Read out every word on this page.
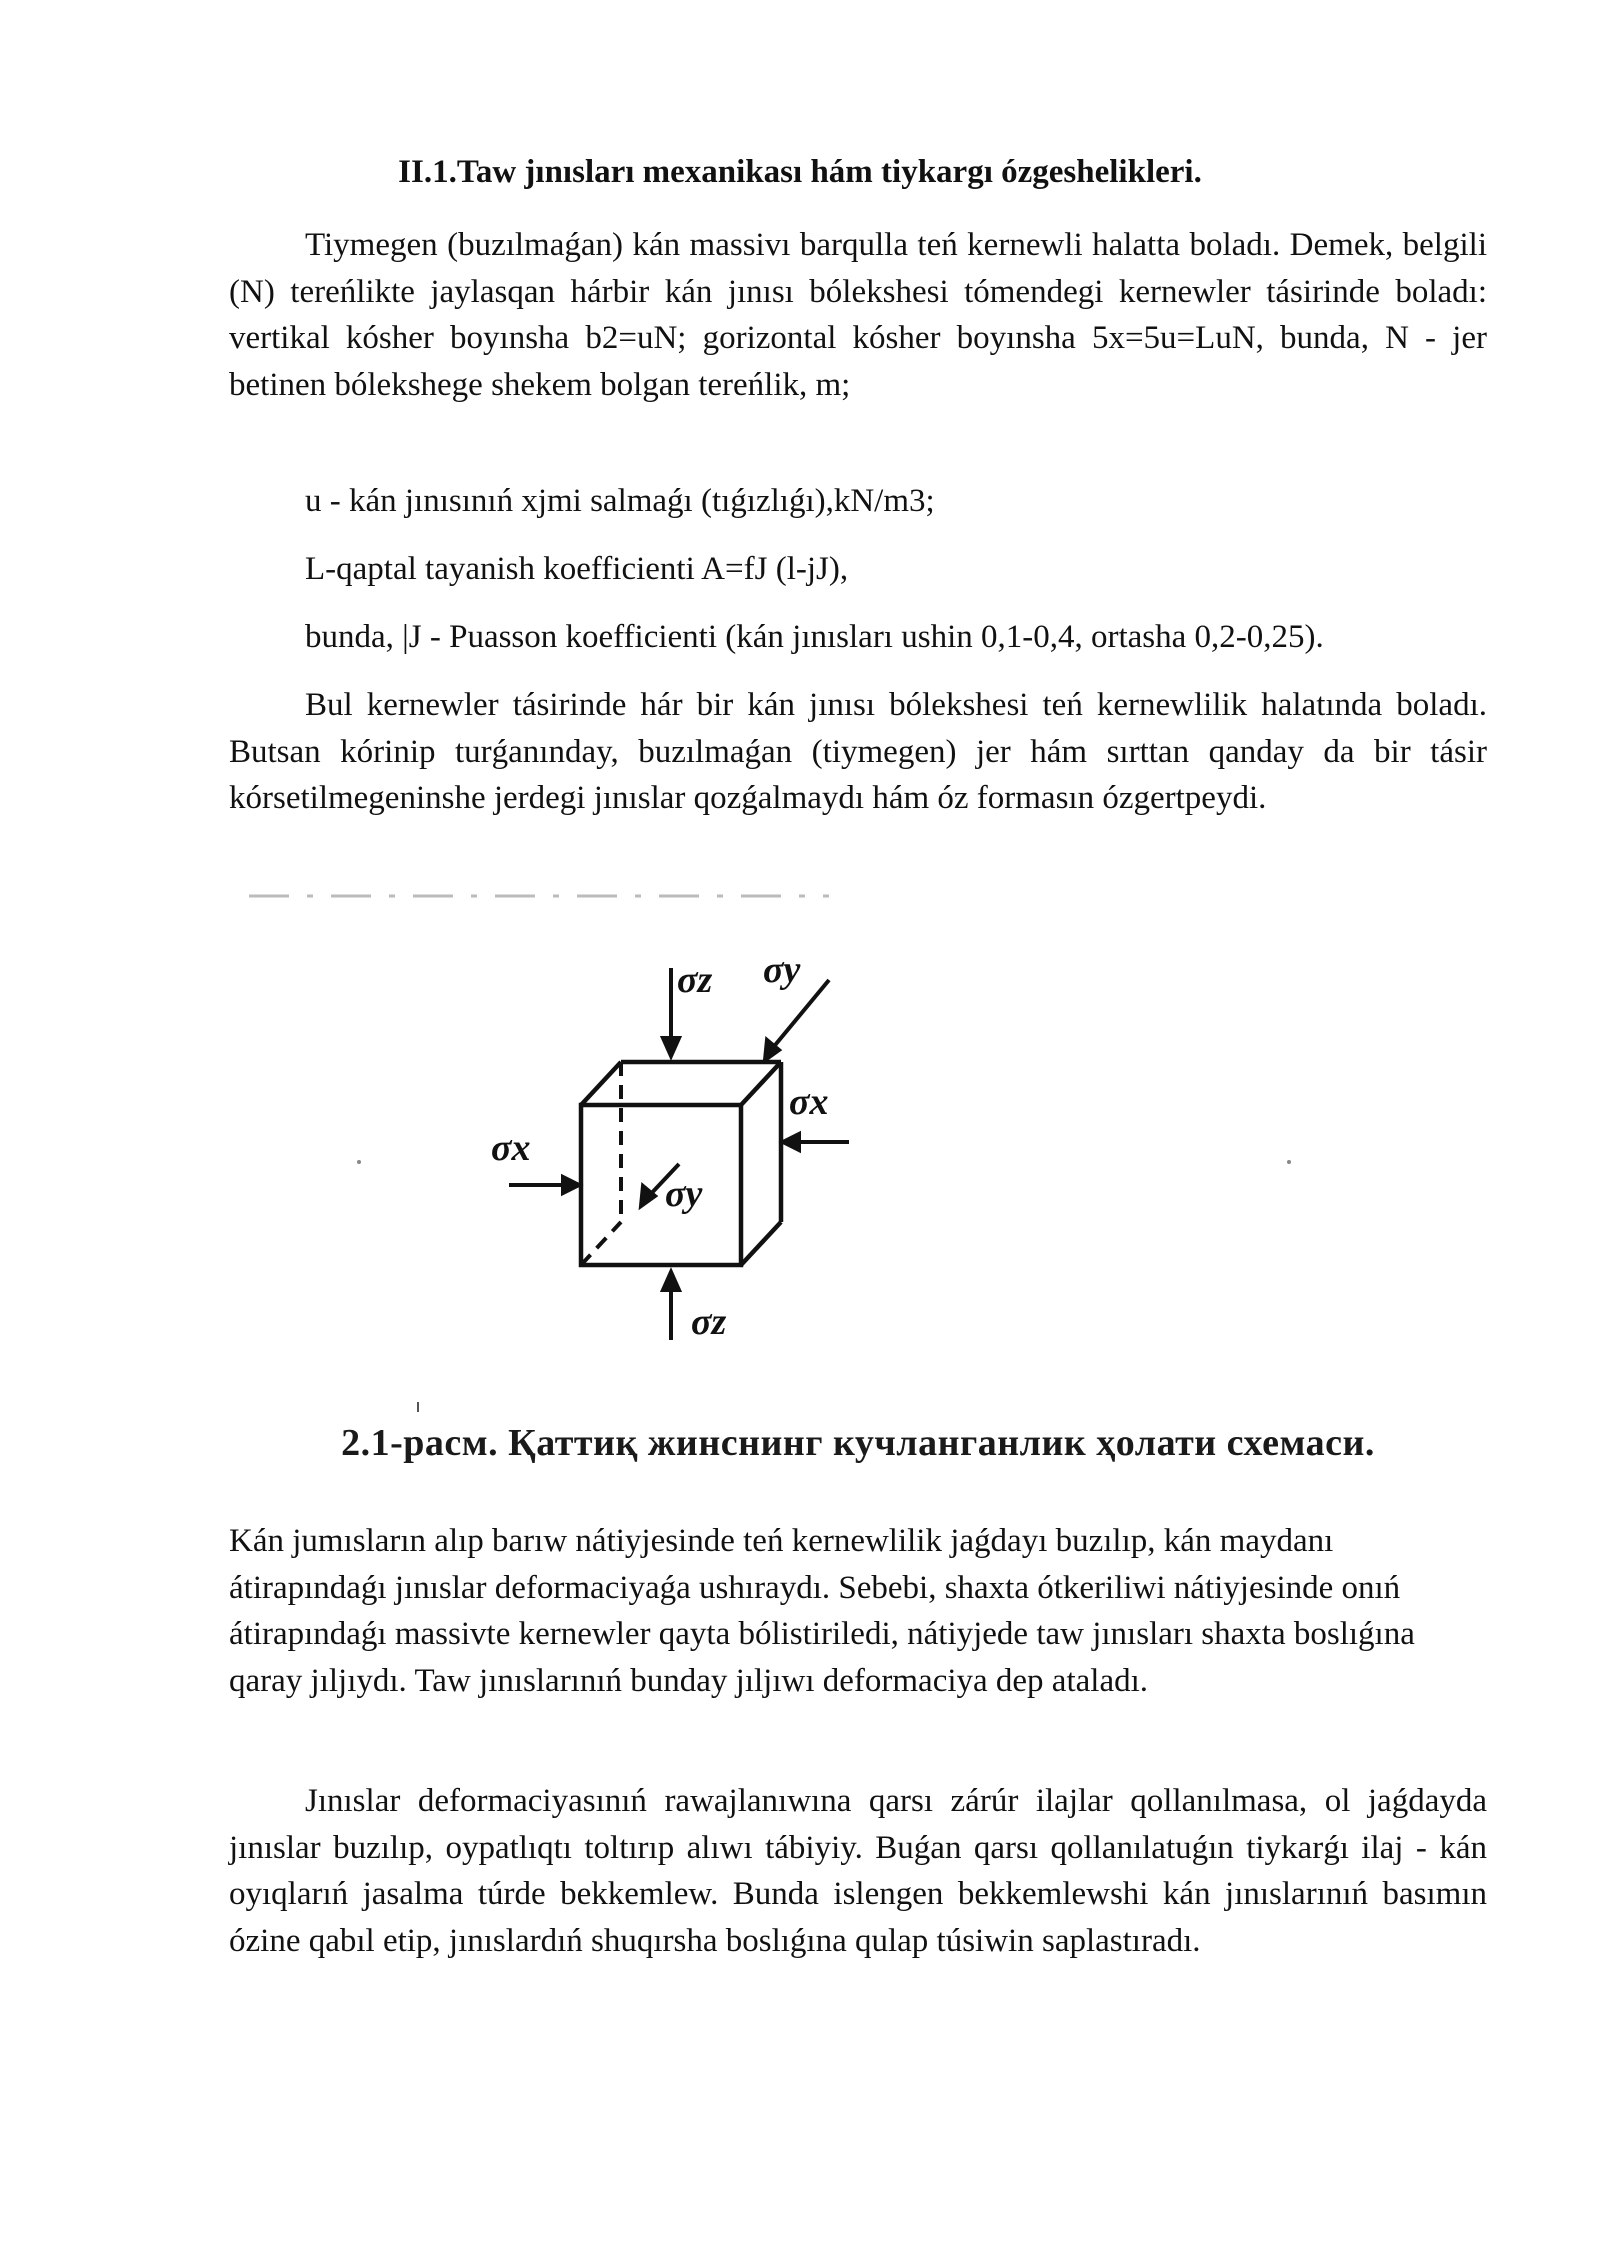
II.1.Taw jınısları mexanikası hám tiykargı ózgeshelikleri.

Tiymegen (buzılmaǵan) kán massivı barqulla teń kernewli halatta boladı. Demek, belgili (N) tereńlikte jaylasqan hárbir kán jınısı bólekshesi tómendegi kernewler tásirinde boladı: vertikal kósher boyınsha b2=uN; gorizontal kósher boyınsha 5x=5u=LuN, bunda, N - jer betinen bólekshege shekem bolgan tereńlik, m;

u - kán jınısınıń xjmi salmaǵı (tıǵızlıǵı),kN/m3;

L-qaptal tayanish koefficienti A=fJ (l-jJ),

bunda, |J - Puasson koefficienti (kán jınısları ushin 0,1-0,4, ortasha 0,2-0,25).

Bul kernewler tásirinde hár bir kán jınısı bólekshesi teń kernewlilik halatında boladı. Butsan kórinip turǵanınday, buzılmaǵan (tiymegen) jer hám sırttan qanday da bir tásir kórsetilmegeninshe jerdegi jınıslar qozǵalmaydı hám óz formasın ózgertpeydi.

σz σy
σx
σx
σy
σz
2.1-расм. Қаттиқ жинснинг кучланганлик ҳолати схемаси.

Kán jumısların alıp barıw nátiyjesinde teń kernewlilik jaǵdayı buzılıp, kán maydanı átirapındaǵı jınıslar deformaciyaǵa ushıraydı. Sebebi, shaxta ótkeriliwi nátiyjesinde onıń átirapındaǵı massivte kernewler qayta bólistiriledi, nátiyjede taw jınısları shaxta boslıǵına qaray jıljıydı. Taw jınıslarınıń bunday jıljıwı deformaciya dep ataladı.

Jınıslar deformaciyasınıń rawajlanıwına qarsı zárúr ilajlar qollanılmasa, ol jaǵdayda jınıslar buzılıp, oypatlıqtı toltırıp alıwı tábiyiy. Buǵan qarsı qollanılatuǵın tiykarǵı ilaj - kán oyıqlarıń jasalma túrde bekkemlew. Bunda islengen bekkemlewshi kán jınıslarınıń basımın ózine qabıl etip, jınıslardıń shuqırsha boslıǵına qulap túsiwin saplastıradı.
